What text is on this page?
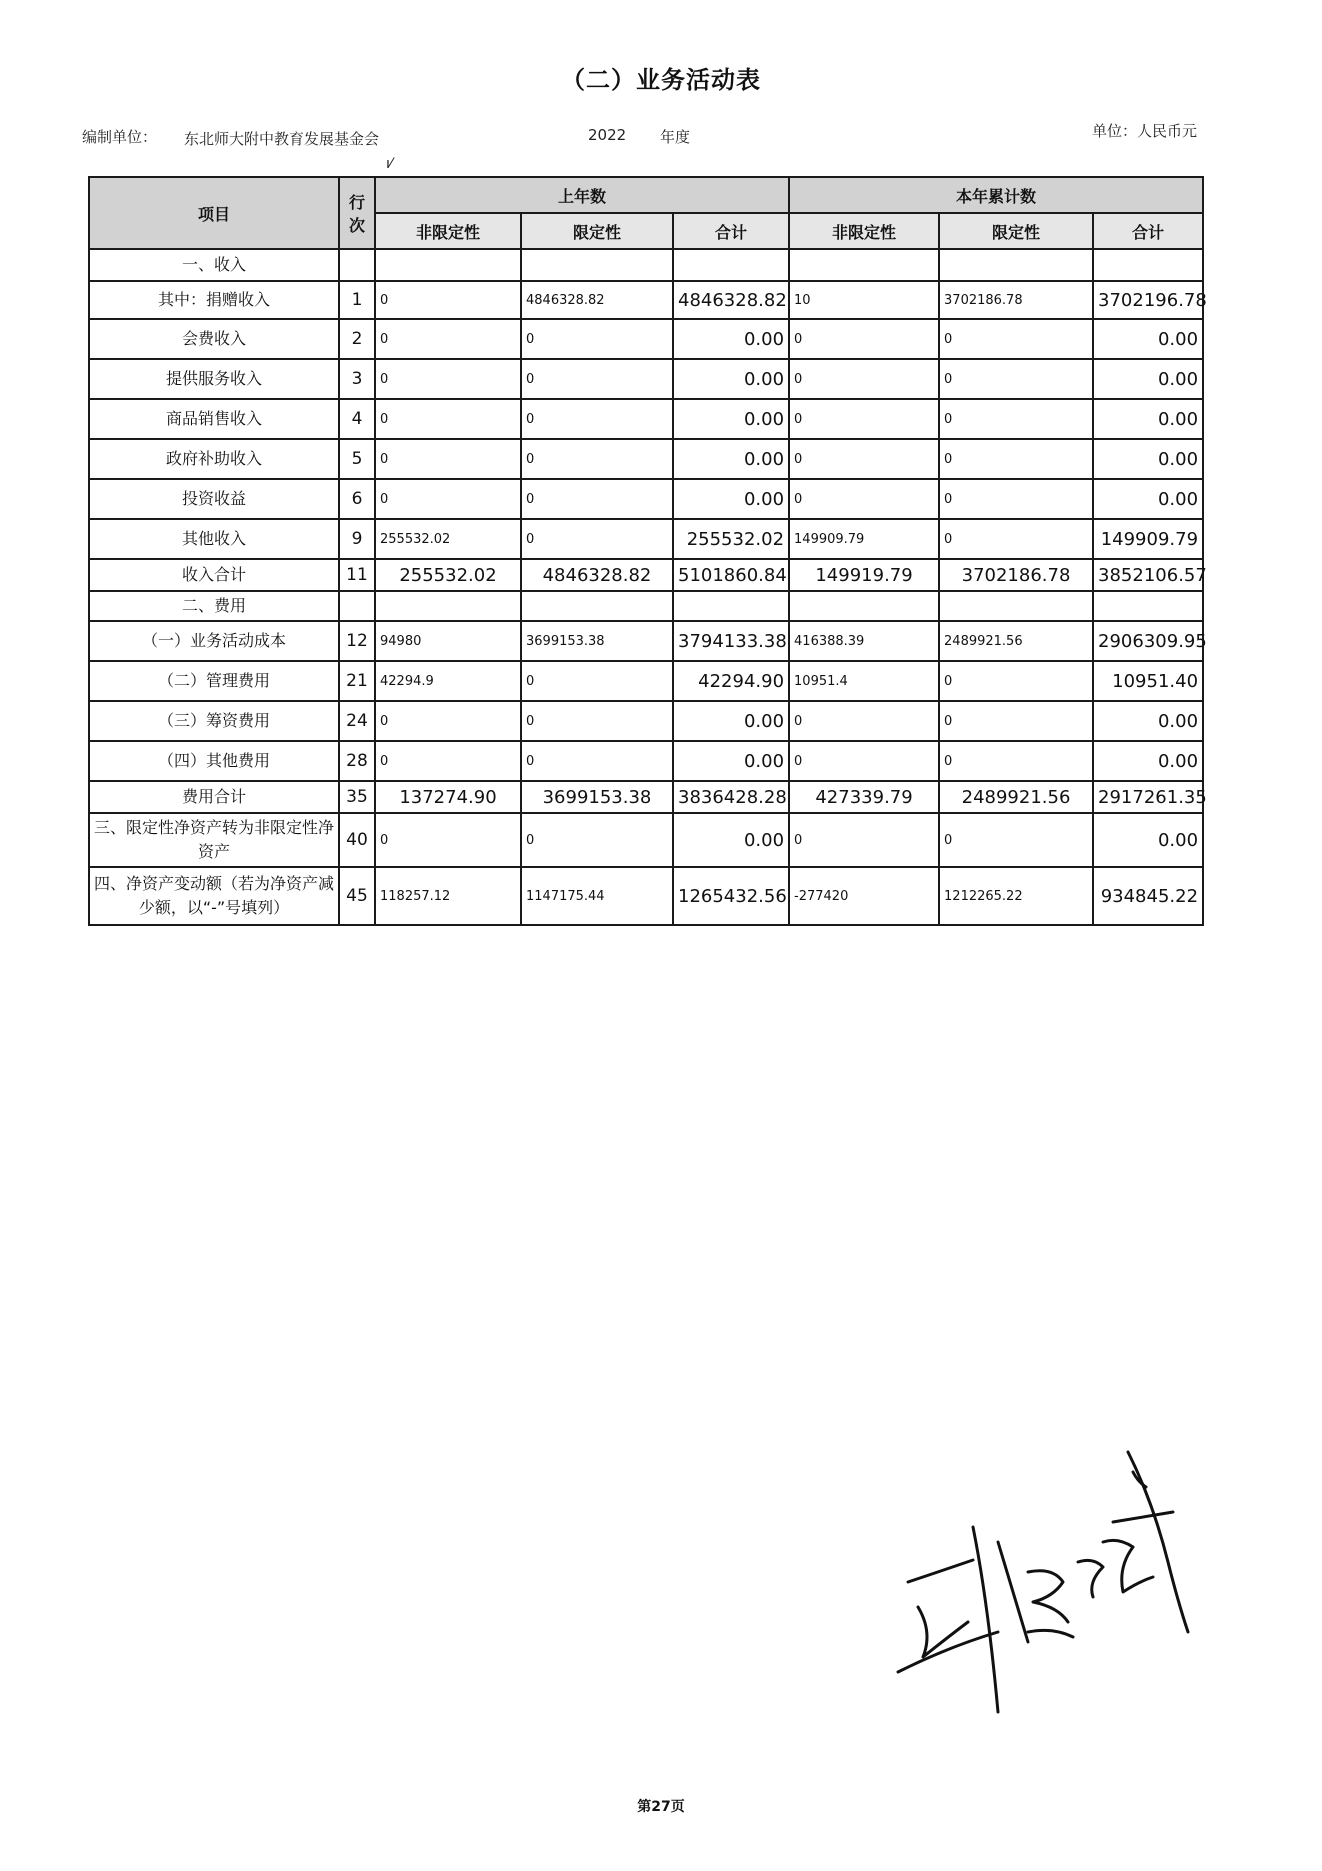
（二）业务活动表
编制单位： 东北师大附中教育发展基金会	2022 年度	单位：人民币元
ı⁄
项目	行次	上年数			本年累计数		
		非限定性	限定性	合计	非限定性	限定性	合计
一、收入							
其中：捐赠收入	1	0	4846328.82	4846328.82	10	3702186.78	3702196.78
会费收入	2	0	0	0.00	0	0	0.00
提供服务收入	3	0	0	0.00	0	0	0.00
商品销售收入	4	0	0	0.00	0	0	0.00
政府补助收入	5	0	0	0.00	0	0	0.00
投资收益	6	0	0	0.00	0	0	0.00
其他收入	9	255532.02	0	255532.02	149909.79	0	149909.79
收入合计	11	255532.02	4846328.82	5101860.84	149919.79	3702186.78	3852106.57
二、费用							
（一）业务活动成本	12	94980	3699153.38	3794133.38	416388.39	2489921.56	2906309.95
（二）管理费用	21	42294.9	0	42294.90	10951.4	0	10951.40
（三）筹资费用	24	0	0	0.00	0	0	0.00
（四）其他费用	28	0	0	0.00	0	0	0.00
费用合计	35	137274.90	3699153.38	3836428.28	427339.79	2489921.56	2917261.35
三、限定性净资产转为非限定性净资产	40	0	0	0.00	0	0	0.00
四、净资产变动额（若为净资产减少额，以“-”号填列）	45	118257.12	1147175.44	1265432.56	-277420	1212265.22	934845.22
第27页
